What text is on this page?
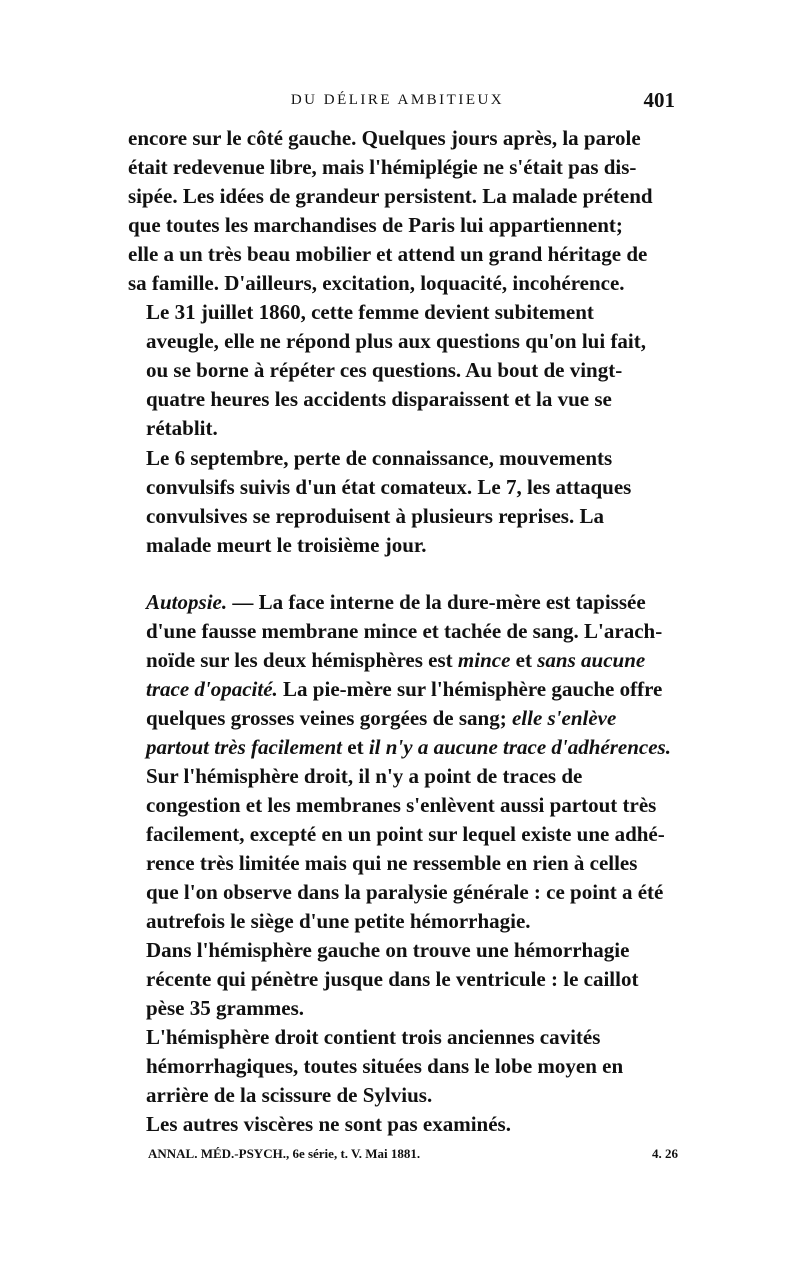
DU DÉLIRE AMBITIEUX	401

encore sur le côté gauche. Quelques jours après, la parole
était redevenue libre, mais l'hémiplégie ne s'était pas dis-
sipée. Les idées de grandeur persistent. La malade prétend
que toutes les marchandises de Paris lui appartiennent;
elle a un très beau mobilier et attend un grand héritage de
sa famille. D'ailleurs, excitation, loquacité, incohérence.

Le 31 juillet 1860, cette femme devient subitement
aveugle, elle ne répond plus aux questions qu'on lui fait,
ou se borne à répéter ces questions. Au bout de vingt-
quatre heures les accidents disparaissent et la vue se
rétablit.

Le 6 septembre, perte de connaissance, mouvements
convulsifs suivis d'un état comateux. Le 7, les attaques
convulsives se reproduisent à plusieurs reprises. La
malade meurt le troisième jour.

Autopsie. — La face interne de la dure-mère est tapissée
d'une fausse membrane mince et tachée de sang. L'arach-
noïde sur les deux hémisphères est mince et sans aucune
trace d'opacité. La pie-mère sur l'hémisphère gauche offre
quelques grosses veines gorgées de sang; elle s'enlève
partout très facilement et il n'y a aucune trace d'adhérences.

Sur l'hémisphère droit, il n'y a point de traces de
congestion et les membranes s'enlèvent aussi partout très
facilement, excepté en un point sur lequel existe une adhé-
rence très limitée mais qui ne ressemble en rien à celles
que l'on observe dans la paralysie générale : ce point a été
autrefois le siège d'une petite hémorrhagie.

Dans l'hémisphère gauche on trouve une hémorrhagie
récente qui pénètre jusque dans le ventricule : le caillot
pèse 35 grammes.

L'hémisphère droit contient trois anciennes cavités
hémorrhagiques, toutes situées dans le lobe moyen en
arrière de la scissure de Sylvius.

Les autres viscères ne sont pas examinés.

ANNAL. MÉD.-PSYCH., 6e série, t. V. Mai 1881.	4. 26
